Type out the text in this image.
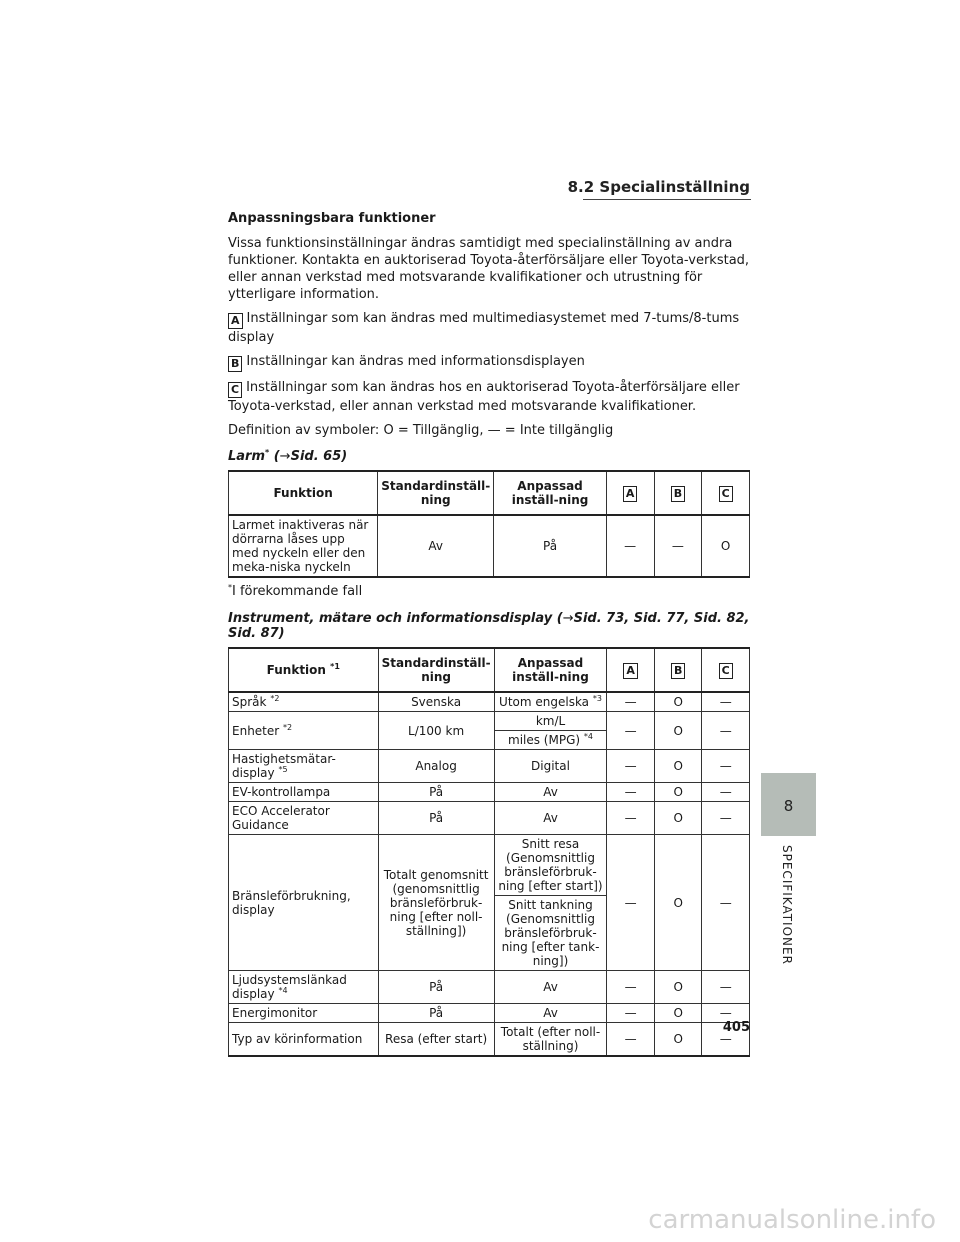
8.2 Specialinställning
Anpassningsbara funktioner

Vissa funktionsinställningar ändras samtidigt med specialinställning av andra funktioner. Kontakta en auktoriserad Toyota-återförsäljare eller Toyota-verkstad, eller annan verkstad med motsvarande kvalifikationer och utrustning för ytterligare information.

A Inställningar som kan ändras med multimediasystemet med 7-tums/8-tums display
B Inställningar kan ändras med informationsdisplayen
C Inställningar som kan ändras hos en auktoriserad Toyota-återförsäljare eller Toyota-verkstad, eller annan verkstad med motsvarande kvalifikationer.

Definition av symboler: O = Tillgänglig, — = Inte tillgänglig

Larm* (→Sid. 65)
Funktion	Standardinställ-ning	Anpassad inställ-ning	A	B	C
Larmet inaktiveras när dörrarna låses upp med nyckeln eller den meka-niska nyckeln	Av	På	—	—	O
*I förekommande fall
Instrument, mätare och informationsdisplay (→Sid. 73, Sid. 77, Sid. 82, Sid. 87)
Funktion $^{*1}$	Standardinställ-ning	Anpassad inställ-ning	A	B	C
Språk $^{*2}$	Svenska	Utom engelska $^{*3}$	—	O	—
Enheter $^{*2}$	L/100 km	km/L	—	O	—
		miles (MPG) $^{*4}$
Hastighetsmätar-display $^{*5}$	Analog	Digital	—	O	—
EV-kontrollampa	På	Av	—	O	—
ECO Accelerator Guidance	På	Av	—	O	—
Bränsleförbrukning, display	Totalt genomsnitt (genomsnittlig bränsleförbruk-ning [efter noll-ställning])	Snitt resa (Genomsnittlig bränsleförbruk-ning [efter start])	—	O	—
		Snitt tankning (Genomsnittlig bränsleförbruk-ning [efter tank-ning])			
Ljudsystemslänkad display $^{*4}$	På	Av	—	O	—
Energimonitor	På	Av	—	O	—
Typ av körinformation	Resa (efter start)	Totalt (efter noll-ställning)	—	O	—
8
SPECIFIKATIONER
405
carmanualsonline.info
